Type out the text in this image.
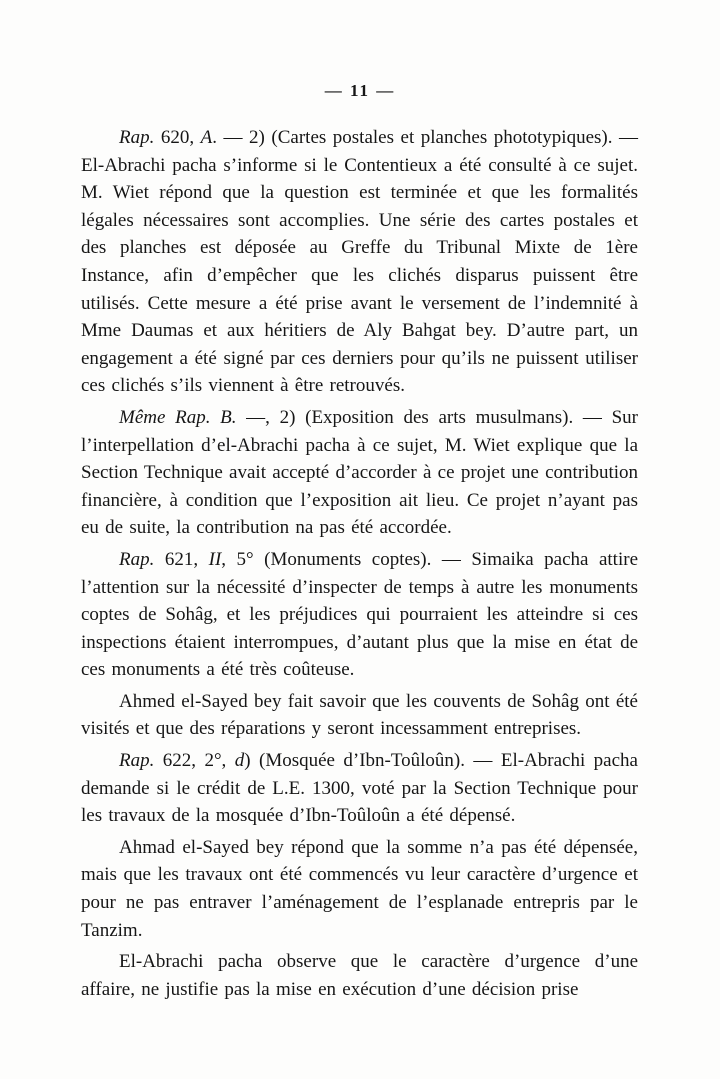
— 11 —

Rap. 620, A. — 2) (Cartes postales et planches phototypiques). — El-Abrachi pacha s’informe si le Contentieux a été consulté à ce sujet. M. Wiet répond que la question est terminée et que les formalités légales nécessaires sont accomplies. Une série des cartes postales et des planches est déposée au Greffe du Tribunal Mixte de 1ère Instance, afin d’empêcher que les clichés disparus puissent être utilisés. Cette mesure a été prise avant le versement de l’indemnité à Mme Daumas et aux héritiers de Aly Bahgat bey. D’autre part, un engagement a été signé par ces derniers pour qu’ils ne puissent utiliser ces clichés s’ils viennent à être retrouvés.

Même Rap. B. —, 2) (Exposition des arts musulmans). — Sur l’interpellation d’el-Abrachi pacha à ce sujet, M. Wiet explique que la Section Technique avait accepté d’accorder à ce projet une contribution financière, à condition que l’exposition ait lieu. Ce projet n’ayant pas eu de suite, la contribution na pas été accordée.

Rap. 621, II, 5° (Monuments coptes). — Simaika pacha attire l’attention sur la nécessité d’inspecter de temps à autre les monuments coptes de Sohâg, et les préjudices qui pourraient les atteindre si ces inspections étaient interrompues, d’autant plus que la mise en état de ces monuments a été très coûteuse.

Ahmed el-Sayed bey fait savoir que les couvents de Sohâg ont été visités et que des réparations y seront incessamment entreprises.

Rap. 622, 2°, d) (Mosquée d’Ibn-Toûloûn). — El-Abrachi pacha demande si le crédit de L.E. 1300, voté par la Section Technique pour les travaux de la mosquée d’Ibn-Toûloûn a été dépensé.

Ahmad el-Sayed bey répond que la somme n’a pas été dépensée, mais que les travaux ont été commencés vu leur caractère d’urgence et pour ne pas entraver l’aménagement de l’esplanade entrepris par le Tanzim.

El-Abrachi pacha observe que le caractère d’urgence d’une affaire, ne justifie pas la mise en exécution d’une décision prise
